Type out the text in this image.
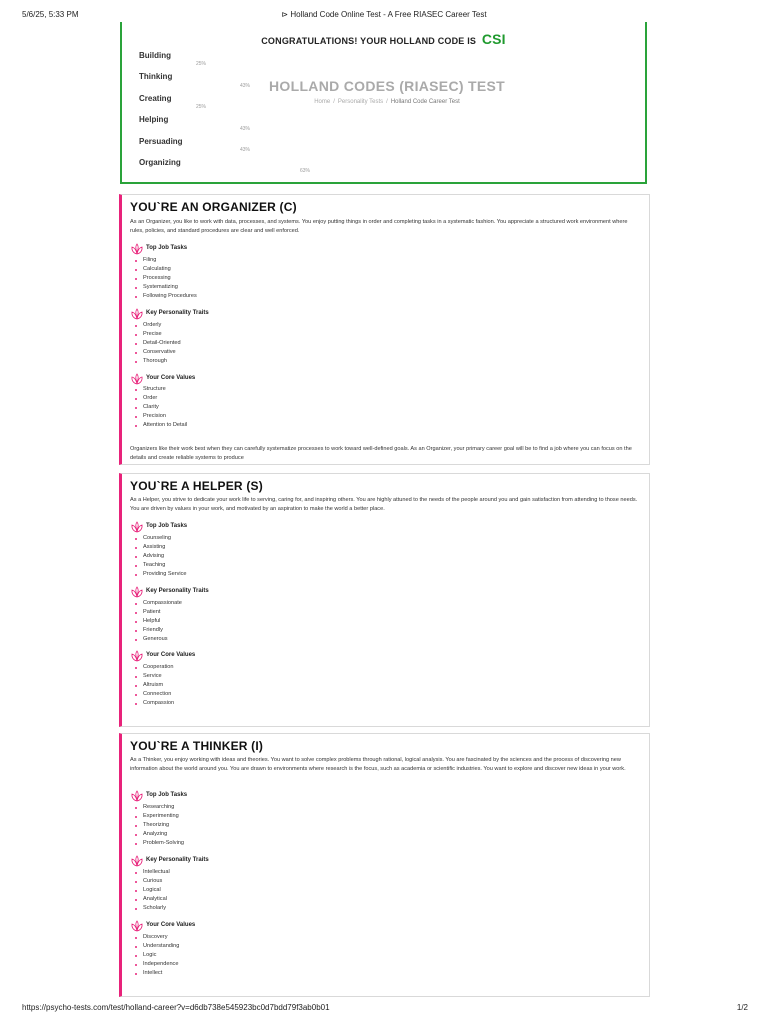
5/6/25, 5:33 PM	⊳ Holland Code Online Test - A Free RIASEC Career Test
CONGRATULATIONS! YOUR HOLLAND CODE IS CSI
Building
25%
Thinking
43%
Creating
25%
Helping
43%
Persuading
43%
Organizing
63%
HOLLAND CODES (RIASEC) TEST
Home / Personality Tests / Holland Code Career Test
YOU`RE AN ORGANIZER (C)
As an Organizer, you like to work with data, processes, and systems. You enjoy putting things in order and completing tasks in a systematic fashion. You appreciate a structured work environment where rules, policies, and standard procedures are clear and well enforced.
Top Job Tasks
Filing
Calculating
Processing
Systematizing
Following Procedures
Key Personality Traits
Orderly
Precise
Detail-Oriented
Conservative
Thorough
Your Core Values
Structure
Order
Clarity
Precision
Attention to Detail
Organizers like their work best when they can carefully systematize processes to work toward well-defined goals. As an Organizer, your primary career goal will be to find a job where you can focus on the details and create reliable systems to produce
YOU`RE A HELPER (S)
As a Helper, you strive to dedicate your work life to serving, caring for, and inspiring others. You are highly attuned to the needs of the people around you and gain satisfaction from attending to those needs. You are driven by values in your work, and motivated by an aspiration to make the world a better place.
Top Job Tasks
Counseling
Assisting
Advising
Teaching
Providing Service
Key Personality Traits
Compassionate
Patient
Helpful
Friendly
Generous
Your Core Values
Cooperation
Service
Altruism
Connection
Compassion
YOU`RE A THINKER (I)
As a Thinker, you enjoy working with ideas and theories. You want to solve complex problems through rational, logical analysis. You are fascinated by the sciences and the process of discovering new information about the world around you. You are drawn to environments where research is the focus, such as academia or scientific industries. You want to explore and discover new ideas in your work.
Top Job Tasks
Researching
Experimenting
Theorizing
Analyzing
Problem-Solving
Key Personality Traits
Intellectual
Curious
Logical
Analytical
Scholarly
Your Core Values
Discovery
Understanding
Logic
Independence
Intellect
https://psycho-tests.com/test/holland-career?v=d6db738e545923bc0d7bdd79f3ab0b01	1/2
